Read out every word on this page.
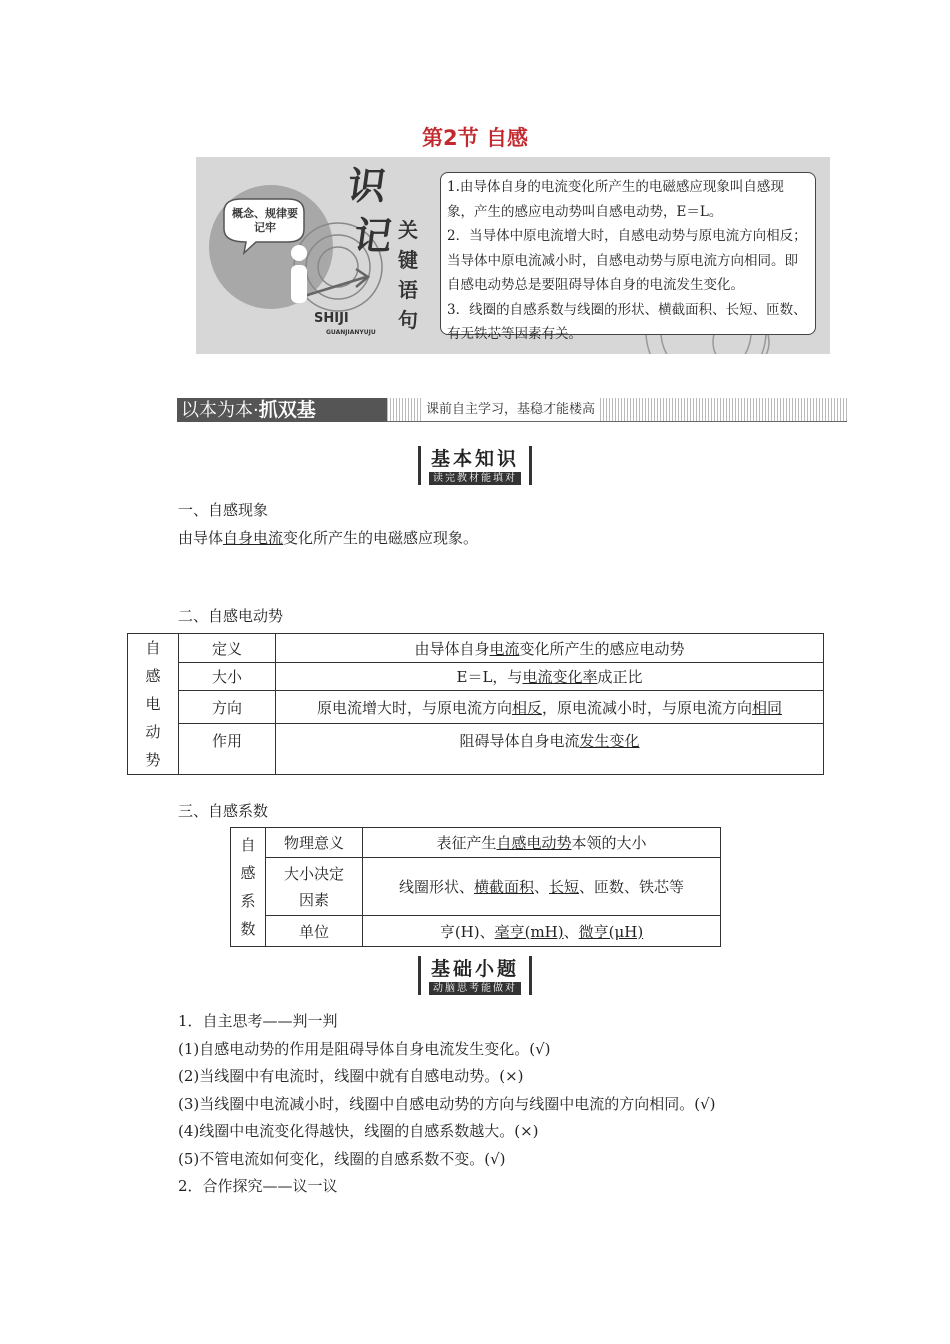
第2节 自感
概念、规律要记牢
识
记 关
键
语
句
SHIJI
GUANJIANYUJU

1.由导体自身的电流变化所产生的电磁感应现象叫自感现象，产生的感应电动势叫自感电动势，E＝L。

2．当导体中原电流增大时，自感电动势与原电流方向相反；当导体中原电流减小时，自感电动势与原电流方向相同。即自感电动势总是要阻碍导体自身的电流发生变化。

3．线圈的自感系数与线圈的形状、横截面积、长短、匝数、有无铁芯等因素有关。

以本为本·抓双基	课前自主学习，基稳才能楼高
基本知识
读完教材能填对
一、自感现象
由导体自身电流变化所产生的电磁感应现象。
二、自感电动势
自
感
电
动
势	定义	由导体自身电流变化所产生的感应电动势
	大小	E＝L，与电流变化率成正比
	方向	原电流增大时，与原电流方向相反，原电流减小时，与原电流方向相同
	作用	阻碍导体自身电流发生变化
三、自感系数
自
感
系
数	物理意义	表征产生自感电动势本领的大小
	大小决定因素	线圈形状、横截面积、长短、匝数、铁芯等
	单位	亨(H)、毫亨(mH)、微亨(μH)
基础小题
动脑思考能做对
1．自主思考——判一判
(1)自感电动势的作用是阻碍导体自身电流发生变化。(√)
(2)当线圈中有电流时，线圈中就有自感电动势。(×)
(3)当线圈中电流减小时，线圈中自感电动势的方向与线圈中电流的方向相同。(√)
(4)线圈中电流变化得越快，线圈的自感系数越大。(×)
(5)不管电流如何变化，线圈的自感系数不变。(√)
2．合作探究——议一议
